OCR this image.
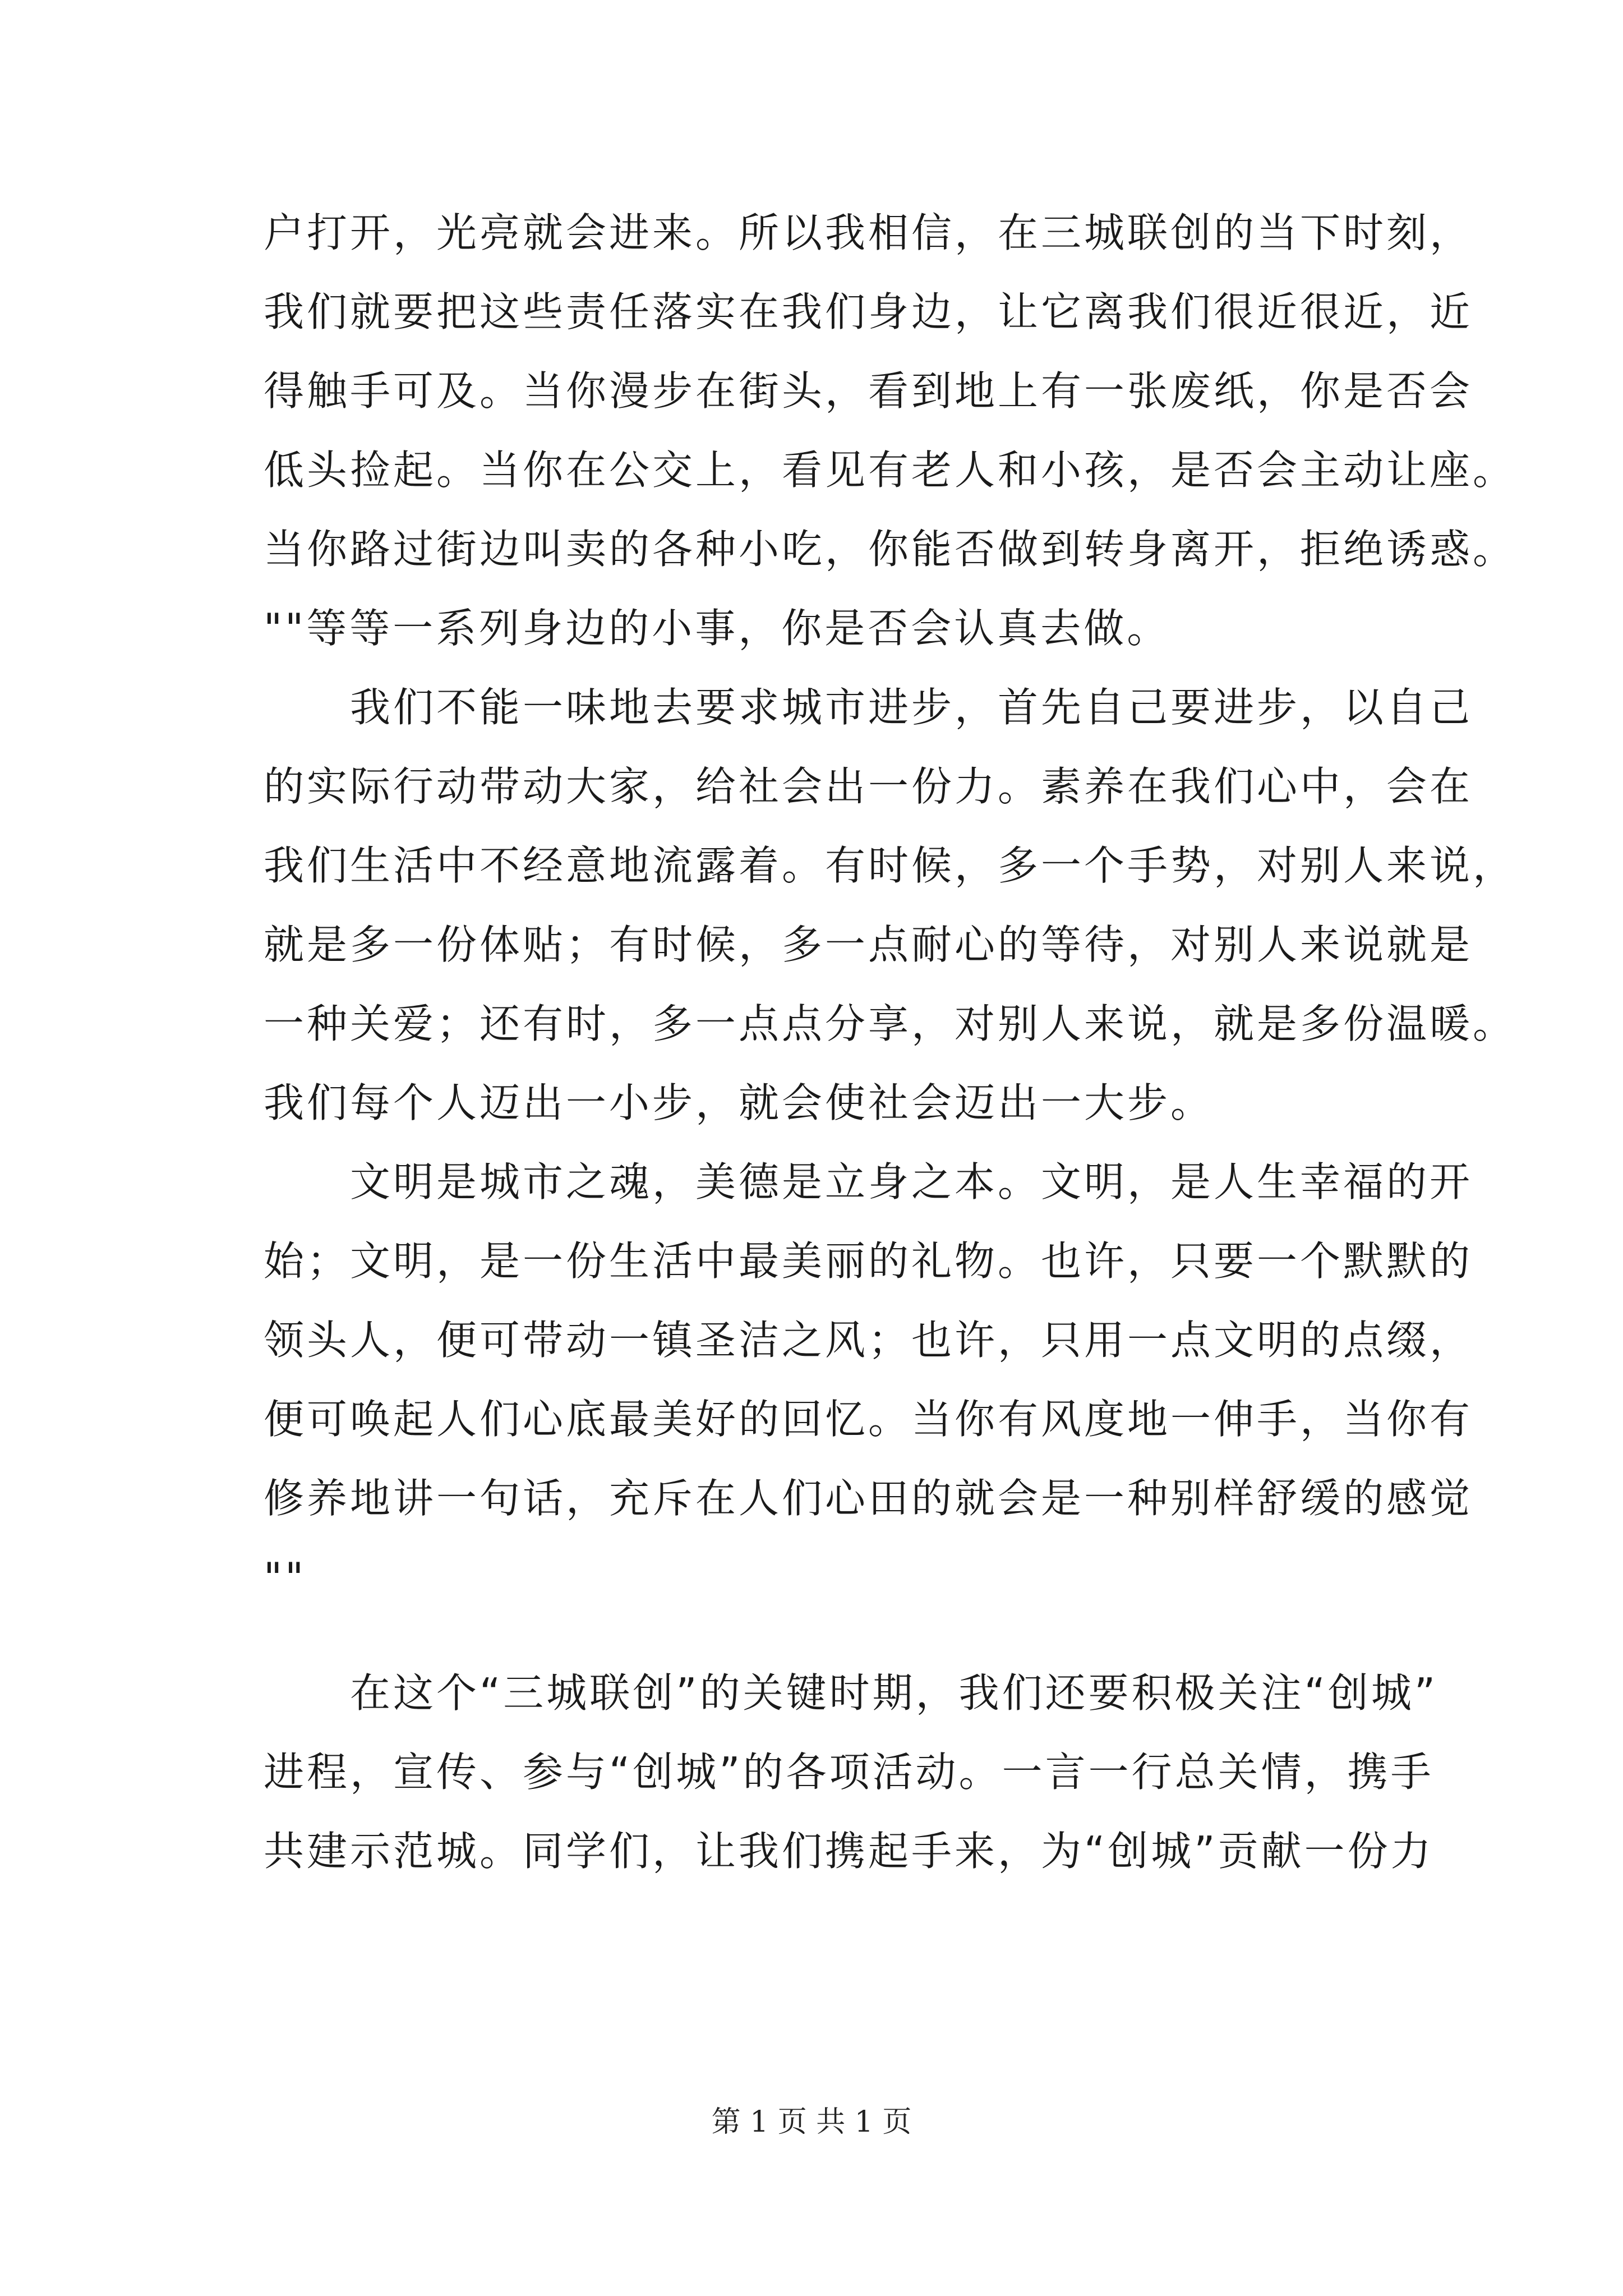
户打开，光亮就会进来。所以我相信，在三城联创的当下时刻，
我们就要把这些责任落实在我们身边，让它离我们很近很近，近
得触手可及。当你漫步在街头，看到地上有一张废纸，你是否会
低头捡起。当你在公交上，看见有老人和小孩，是否会主动让座。
当你路过街边叫卖的各种小吃，你能否做到转身离开，拒绝诱惑。
""等等一系列身边的小事，你是否会认真去做。
　　我们不能一味地去要求城市进步，首先自己要进步，以自己
的实际行动带动大家，给社会出一份力。素养在我们心中，会在
我们生活中不经意地流露着。有时候，多一个手势，对别人来说，
就是多一份体贴；有时候，多一点耐心的等待，对别人来说就是
一种关爱；还有时，多一点点分享，对别人来说，就是多份温暖。
我们每个人迈出一小步，就会使社会迈出一大步。
　　文明是城市之魂，美德是立身之本。文明，是人生幸福的开
始；文明，是一份生活中最美丽的礼物。也许，只要一个默默的
领头人，便可带动一镇圣洁之风；也许，只用一点文明的点缀，
便可唤起人们心底最美好的回忆。当你有风度地一伸手，当你有
修养地讲一句话，充斥在人们心田的就会是一种别样舒缓的感觉
""
　　在这个“三城联创”的关键时期，我们还要积极关注“创城”
进程，宣传、参与“创城”的各项活动。一言一行总关情，携手
共建示范城。同学们，让我们携起手来，为“创城”贡献一份力
第 1 页 共 1 页
